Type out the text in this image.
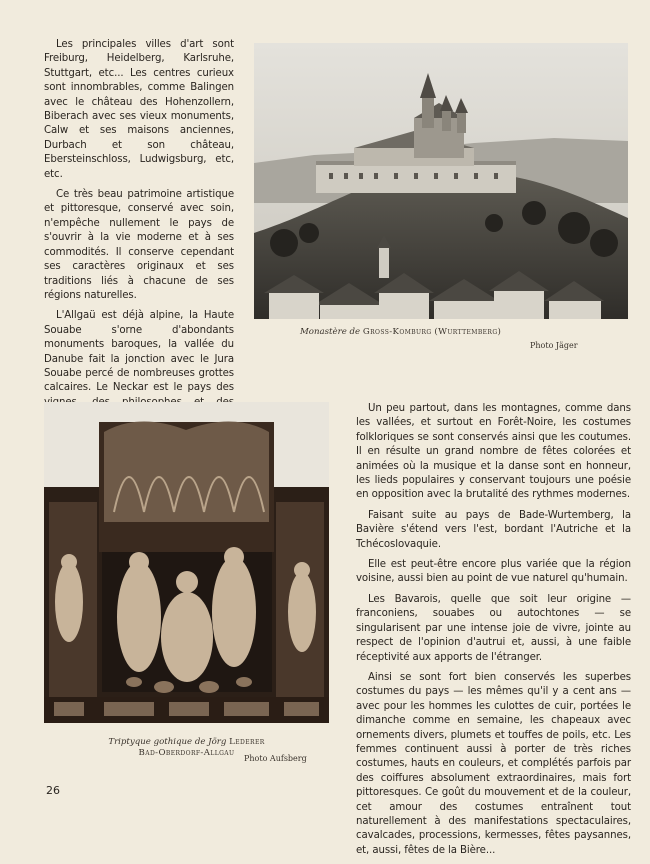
Les principales villes d'art sont Freiburg, Heidelberg, Karlsruhe, Stuttgart, etc... Les centres curieux sont innombrables, comme Balingen avec le château des Hohenzollern, Biberach avec ses vieux monuments, Calw et ses maisons anciennes, Durbach et son château, Ebersteinschloss, Ludwigsburg, etc, etc.

Ce très beau patrimoine artistique et pittoresque, conservé avec soin, n'empêche nullement le pays de s'ouvrir à la vie moderne et à ses commodités. Il conserve cependant ses caractères originaux et ses traditions liés à chacune de ses régions naturelles.

L'Allgaü est déjà alpine, la Haute Souabe s'orne d'abondants monuments baroques, la vallée du Danube fait la jonction avec le Jura Souabe percé de nombreuses grottes calcaires. Le Neckar est le pays des

Monastère de Gross-Komburg (Wurttemberg)
Photo Jäger
Triptyque gothique de Jörg Lederer
Bad-Oberdorf-Allgau
Photo Aufsberg

Un peu partout, dans les montagnes, comme dans les vallées, et surtout en Forêt-Noire, les costumes folkloriques se sont conservés ainsi que les coutumes. Il en résulte un grand nombre de fêtes colorées et animées où la musique et la danse sont en honneur, les lieds populaires y conservant toujours une poésie en opposition avec la brutalité des rythmes modernes.

Faisant suite au pays de Bade-Wurtemberg, la Bavière s'étend vers l'est, bordant l'Autriche et la Tchécoslovaquie.

Elle est peut-être encore plus variée que la région voisine, aussi bien au point de vue naturel qu'humain.

Les Bavarois, quelle que soit leur origine — franconiens, souabes ou autochtones — se singularisent par une intense joie de vivre, jointe au respect de l'opinion d'autrui et, aussi, à une faible réceptivité aux apports de l'étranger.

Ainsi se sont fort bien conservés les superbes costumes du pays — les mêmes qu'il y a cent ans — avec pour les hommes les culottes de cuir, portées le dimanche comme en semaine, les chapeaux avec ornements divers, plumets et touffes de poils, etc. Les femmes continuent aussi à porter de très riches costumes, hauts en couleurs, et complétés parfois par des coiffures absolument extraordinaires, mais fort pittoresques. Ce goût du mouvement et de la couleur, cet amour des costumes entraînent tout naturellement à des manifestations spectaculaires, cavalcades, processions, kermesses, fêtes paysannes, et, aussi, fêtes de la Bière...

26
